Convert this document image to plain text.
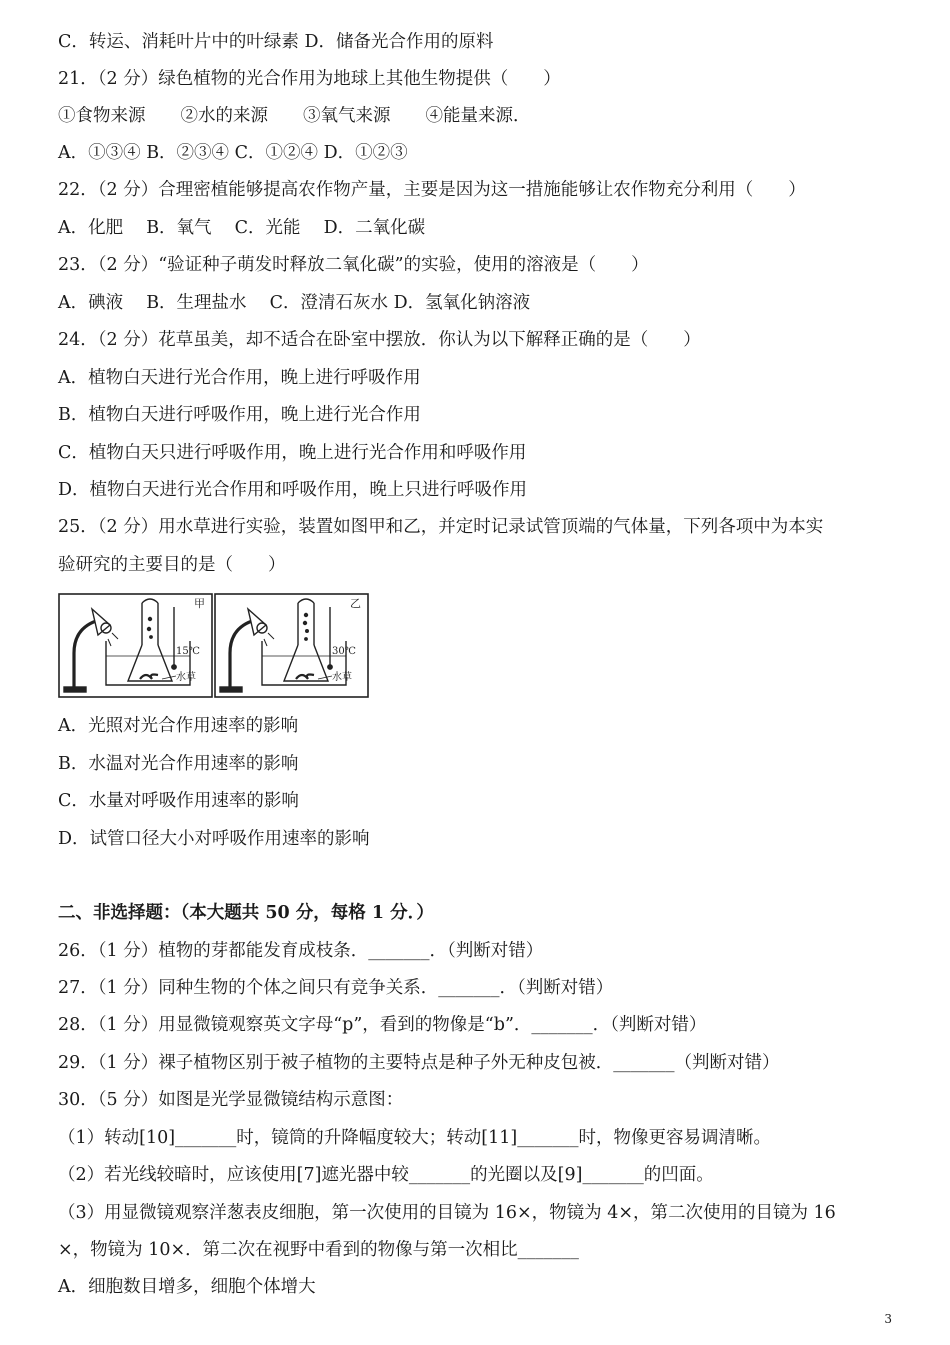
C．转运、消耗叶片中的叶绿素 D．储备光合作用的原料
21．（2 分）绿色植物的光合作用为地球上其他生物提供（　　）
①食物来源　　②水的来源　　③氧气来源　　④能量来源．
A．①③④ B．②③④ C．①②④ D．①②③
22．（2 分）合理密植能够提高农作物产量，主要是因为这一措施能够让农作物充分利用（　　）
A．化肥　 B．氧气　 C．光能　 D．二氧化碳
23．（2 分）“验证种子萌发时释放二氧化碳”的实验，使用的溶液是（　　）
A．碘液　 B．生理盐水　 C．澄清石灰水 D．氢氧化钠溶液
24．（2 分）花草虽美，却不适合在卧室中摆放．你认为以下解释正确的是（　　）
A．植物白天进行光合作用，晚上进行呼吸作用
B．植物白天进行呼吸作用，晚上进行光合作用
C．植物白天只进行呼吸作用，晚上进行光合作用和呼吸作用
D．植物白天进行光合作用和呼吸作用，晚上只进行呼吸作用
25．（2 分）用水草进行实验，装置如图甲和乙，并定时记录试管顶端的气体量，下列各项中为本实
验研究的主要目的是（　　）
甲
15℃
水草
乙
30℃
水草
A．光照对光合作用速率的影响
B．水温对光合作用速率的影响
C．水量对呼吸作用速率的影响
D．试管口径大小对呼吸作用速率的影响
二、非选择题：（本大题共 50 分，每格 1 分．）
26．（1 分）植物的芽都能发育成枝条．_______．（判断对错）
27．（1 分）同种生物的个体之间只有竞争关系．_______．（判断对错）
28．（1 分）用显微镜观察英文字母“p”，看到的物像是“b”．_______．（判断对错）
29．（1 分）裸子植物区别于被子植物的主要特点是种子外无种皮包被．_______（判断对错）
30．（5 分）如图是光学显微镜结构示意图：
（1）转动[10]_______时，镜筒的升降幅度较大；转动[11]_______时，物像更容易调清晰。
（2）若光线较暗时，应该使用[7]遮光器中较_______的光圈以及[9]_______的凹面。
（3）用显微镜观察洋葱表皮细胞，第一次使用的目镜为 16×，物镜为 4×，第二次使用的目镜为 16
×，物镜为 10×．第二次在视野中看到的物像与第一次相比_______
A．细胞数目增多，细胞个体增大
3
